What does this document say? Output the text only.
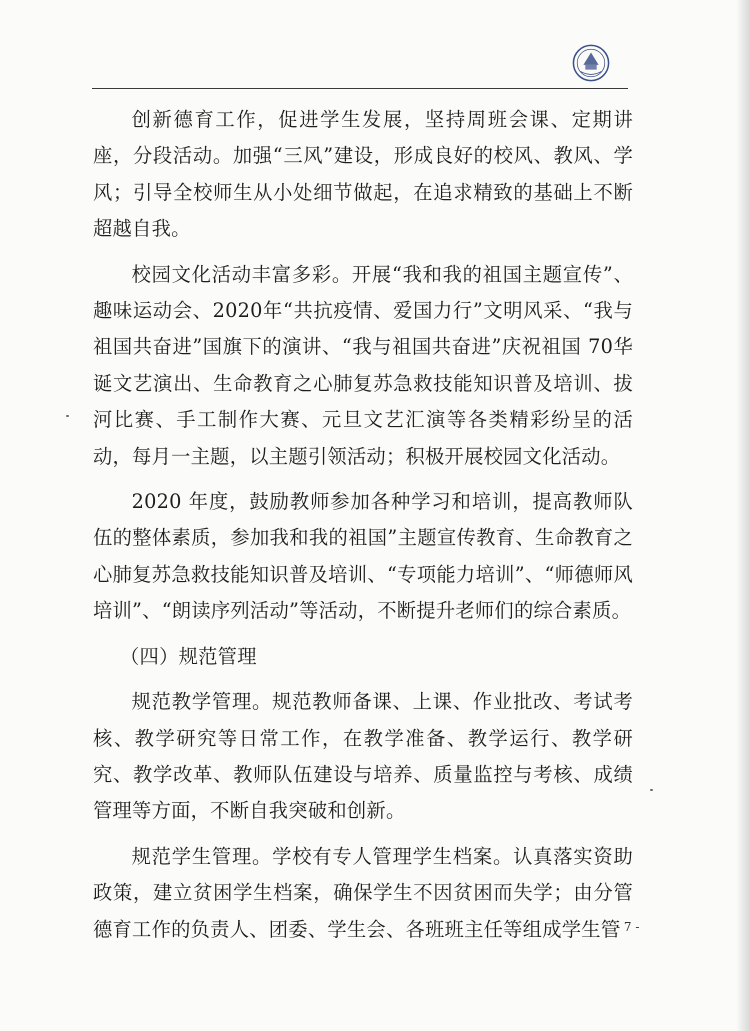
创新德育工作，促进学生发展，坚持周班会课、定期讲座，分段活动。加强“三风”建设，形成良好的校风、教风、学风；引导全校师生从小处细节做起，在追求精致的基础上不断超越自我。

校园文化活动丰富多彩。开展“我和我的祖国主题宣传”、趣味运动会、2020年“共抗疫情、爱国力行”文明风采、“我与祖国共奋进”国旗下的演讲、“我与祖国共奋进”庆祝祖国 70华诞文艺演出、生命教育之心肺复苏急救技能知识普及培训、拔河比赛、手工制作大赛、元旦文艺汇演等各类精彩纷呈的活动，每月一主题，以主题引领活动；积极开展校园文化活动。

2020 年度，鼓励教师参加各种学习和培训，提高教师队伍的整体素质，参加我和我的祖国”主题宣传教育、生命教育之心肺复苏急救技能知识普及培训、“专项能力培训”、“师德师风培训”、“朗读序列活动”等活动，不断提升老师们的综合素质。

（四）规范管理

规范教学管理。规范教师备课、上课、作业批改、考试考核、教学研究等日常工作，在教学准备、教学运行、教学研究、教学改革、教师队伍建设与培养、质量监控与考核、成绩管理等方面，不断自我突破和创新。

规范学生管理。学校有专人管理学生档案。认真落实资助政策，建立贫困学生档案，确保学生不因贫困而失学；由分管德育工作的负责人、团委、学生会、各班班主任等组成学生管

- 7 -
